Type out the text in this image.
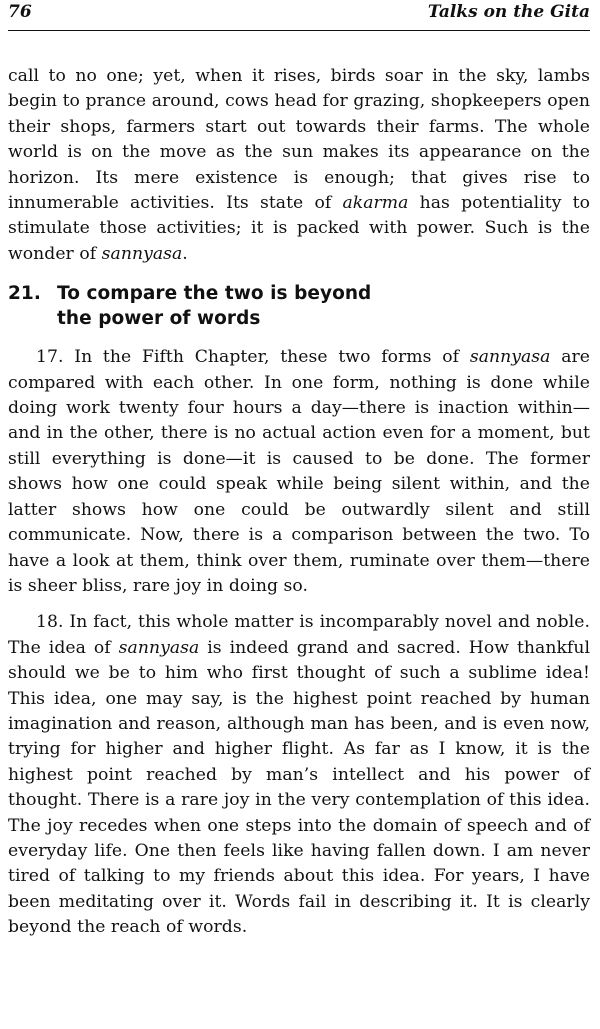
76	Talks on the Gita

call to no one; yet, when it rises, birds soar in the sky, lambs begin to prance around, cows head for grazing, shopkeepers open their shops, farmers start out towards their farms. The whole world is on the move as the sun makes its appearance on the horizon. Its mere existence is enough; that gives rise to innumerable activities. Its state of akarma has potentiality to stimulate those activities; it is packed with power. Such is the wonder of sannyasa.

21. To compare the two is beyond
the power of words

17. In the Fifth Chapter, these two forms of sannyasa are compared with each other. In one form, nothing is done while doing work twenty four hours a day—there is inaction within—and in the other, there is no actual action even for a moment, but still everything is done—it is caused to be done. The former shows how one could speak while being silent within, and the latter shows how one could be outwardly silent and still communicate. Now, there is a comparison between the two. To have a look at them, think over them, ruminate over them—there is sheer bliss, rare joy in doing so.

18. In fact, this whole matter is incomparably novel and noble. The idea of sannyasa is indeed grand and sacred. How thankful should we be to him who first thought of such a sublime idea! This idea, one may say, is the highest point reached by human imagination and reason, although man has been, and is even now, trying for higher and higher flight. As far as I know, it is the highest point reached by man’s intellect and his power of thought. There is a rare joy in the very contemplation of this idea. The joy recedes when one steps into the domain of speech and of everyday life. One then feels like having fallen down. I am never tired of talking to my friends about this idea. For years, I have been meditating over it. Words fail in describing it. It is clearly beyond the reach of words.
